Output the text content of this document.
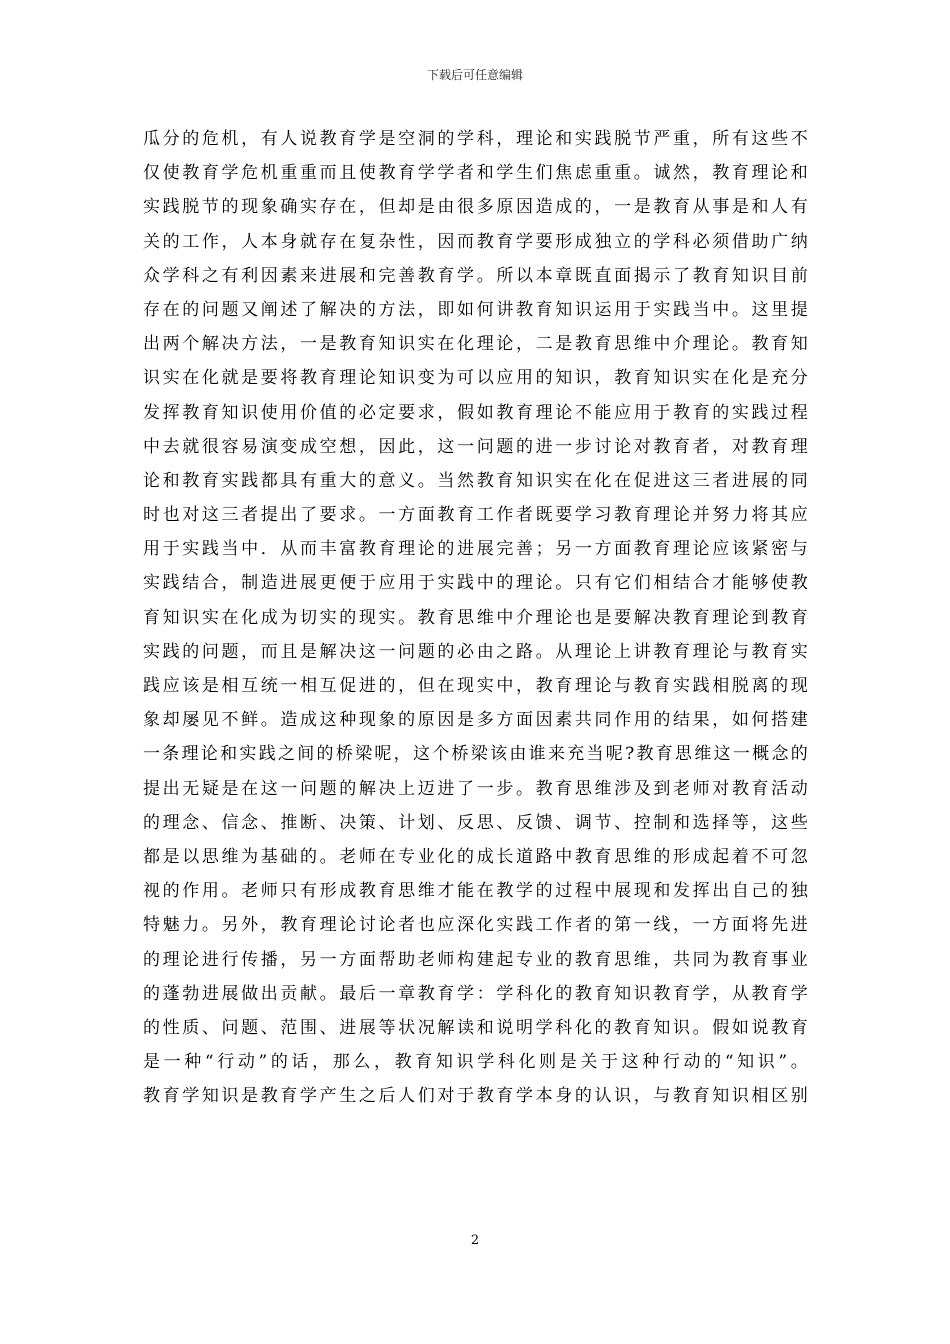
下载后可任意编辑
瓜分的危机，有人说教育学是空洞的学科，理论和实践脱节严重，所有这些不
仅使教育学危机重重而且使教育学学者和学生们焦虑重重。诚然，教育理论和
实践脱节的现象确实存在，但却是由很多原因造成的，一是教育从事是和人有
关的工作，人本身就存在复杂性，因而教育学要形成独立的学科必须借助广纳
众学科之有利因素来进展和完善教育学。所以本章既直面揭示了教育知识目前
存在的问题又阐述了解决的方法，即如何讲教育知识运用于实践当中。这里提
出两个解决方法，一是教育知识实在化理论，二是教育思维中介理论。教育知
识实在化就是要将教育理论知识变为可以应用的知识，教育知识实在化是充分
发挥教育知识使用价值的必定要求，假如教育理论不能应用于教育的实践过程
中去就很容易演变成空想，因此，这一问题的进一步讨论对教育者，对教育理
论和教育实践都具有重大的意义。当然教育知识实在化在促进这三者进展的同
时也对这三者提出了要求。一方面教育工作者既要学习教育理论并努力将其应
用于实践当中．从而丰富教育理论的进展完善；另一方面教育理论应该紧密与
实践结合，制造进展更便于应用于实践中的理论。只有它们相结合才能够使教
育知识实在化成为切实的现实。教育思维中介理论也是要解决教育理论到教育
实践的问题，而且是解决这一问题的必由之路。从理论上讲教育理论与教育实
践应该是相互统一相互促进的，但在现实中，教育理论与教育实践相脱离的现
象却屡见不鲜。造成这种现象的原因是多方面因素共同作用的结果，如何搭建
一条理论和实践之间的桥梁呢，这个桥梁该由谁来充当呢?教育思维这一概念的
提出无疑是在这一问题的解决上迈进了一步。教育思维涉及到老师对教育活动
的理念、信念、推断、决策、计划、反思、反馈、调节、控制和选择等，这些
都是以思维为基础的。老师在专业化的成长道路中教育思维的形成起着不可忽
视的作用。老师只有形成教育思维才能在教学的过程中展现和发挥出自己的独
特魅力。另外，教育理论讨论者也应深化实践工作者的第一线，一方面将先进
的理论进行传播，另一方面帮助老师构建起专业的教育思维，共同为教育事业
的蓬勃进展做出贡献。最后一章教育学：学科化的教育知识教育学，从教育学
的性质、问题、范围、进展等状况解读和说明学科化的教育知识。假如说教育
是一种“行动”的话，那么，教育知识学科化则是关于这种行动的“知识”。
教育学知识是教育学产生之后人们对于教育学本身的认识，与教育知识相区别
2
